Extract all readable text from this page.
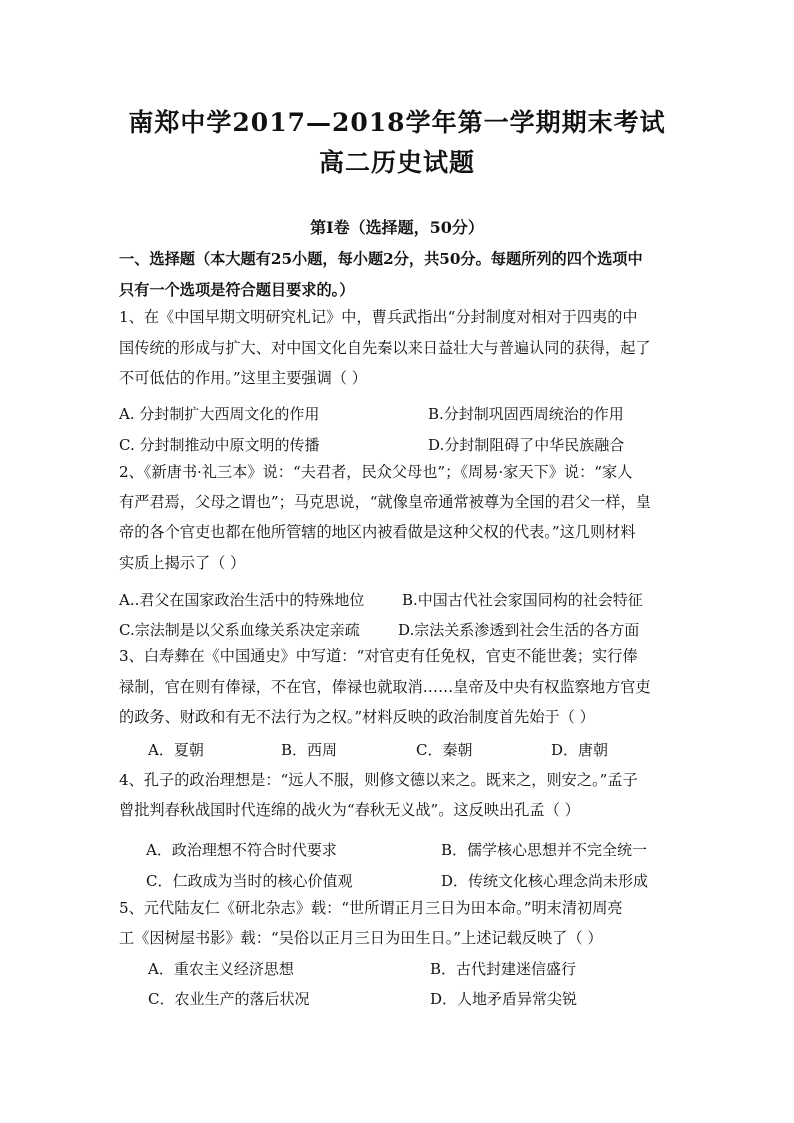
南郑中学2017—2018学年第一学期期末考试
高二历史试题
第Ⅰ卷（选择题，50分）
一、选择题（本大题有25小题，每小题2分，共50分。每题所列的四个选项中
只有一个选项是符合题目要求的。）
1、在《中国早期文明研究札记》中，曹兵武指出“分封制度对相对于四夷的中
国传统的形成与扩大、对中国文化自先秦以来日益壮大与普遍认同的获得，起了
不可低估的作用。”这里主要强调（ ）
A. 分封制扩大西周文化的作用	B.分封制巩固西周统治的作用
C. 分封制推动中原文明的传播	D.分封制阻碍了中华民族融合
2、《新唐书·礼三本》说：“夫君者，民众父母也”；《周易·家天下》说：“家人
有严君焉，父母之谓也”；马克思说，“就像皇帝通常被尊为全国的君父一样，皇
帝的各个官吏也都在他所管辖的地区内被看做是这种父权的代表。”这几则材料
实质上揭示了（ ）
A..君父在国家政治生活中的特殊地位	B.中国古代社会家国同构的社会特征
C.宗法制是以父系血缘关系决定亲疏	D.宗法关系渗透到社会生活的各方面
3、白寿彝在《中国通史》中写道：“对官吏有任免权，官吏不能世袭；实行俸
禄制，官在则有俸禄，不在官，俸禄也就取消……皇帝及中央有权监察地方官吏
的政务、财政和有无不法行为之权。”材料反映的政治制度首先始于（ ）
A．夏朝	B．西周	C．秦朝	D．唐朝
4、孔子的政治理想是：“远人不服，则修文德以来之。既来之，则安之。”孟子
曾批判春秋战国时代连绵的战火为“春秋无义战”。这反映出孔孟（ ）
A．政治理想不符合时代要求	B．儒学核心思想并不完全统一
C．仁政成为当时的核心价值观	D．传统文化核心理念尚未形成
5、元代陆友仁《研北杂志》载：“世所谓正月三日为田本命。”明末清初周亮
工《因树屋书影》载：“吴俗以正月三日为田生日。”上述记载反映了（ ）
A．重农主义经济思想	B．古代封建迷信盛行
C．农业生产的落后状况	D．人地矛盾异常尖锐
